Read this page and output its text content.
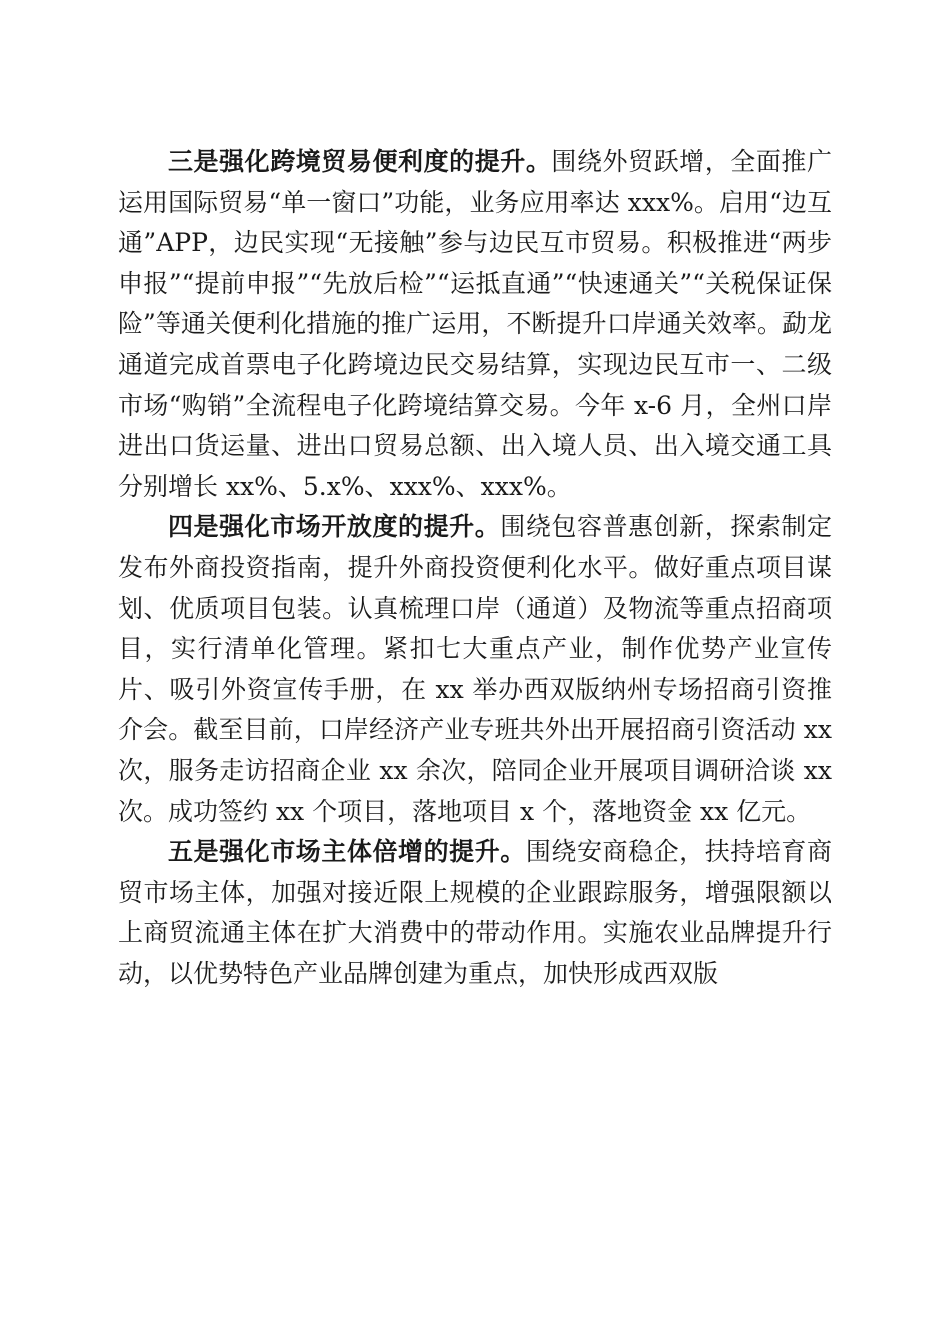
三是强化跨境贸易便利度的提升。围绕外贸跃增，全面推广运用国际贸易“单一窗口”功能，业务应用率达 xxx%。启用“边互通”APP，边民实现“无接触”参与边民互市贸易。积极推进“两步申报”“提前申报”“先放后检”“运抵直通”“快速通关”“关税保证保险”等通关便利化措施的推广运用，不断提升口岸通关效率。勐龙通道完成首票电子化跨境边民交易结算，实现边民互市一、二级市场“购销”全流程电子化跨境结算交易。今年 x-6 月，全州口岸进出口货运量、进出口贸易总额、出入境人员、出入境交通工具分别增长 xx%、5.x%、xxx%、xxx%。

四是强化市场开放度的提升。围绕包容普惠创新，探索制定发布外商投资指南，提升外商投资便利化水平。做好重点项目谋划、优质项目包装。认真梳理口岸（通道）及物流等重点招商项目，实行清单化管理。紧扣七大重点产业，制作优势产业宣传片、吸引外资宣传手册，在 xx 举办西双版纳州专场招商引资推介会。截至目前，口岸经济产业专班共外出开展招商引资活动 xx 次，服务走访招商企业 xx 余次，陪同企业开展项目调研洽谈 xx 次。成功签约 xx 个项目，落地项目 x 个，落地资金 xx 亿元。

五是强化市场主体倍增的提升。围绕安商稳企，扶持培育商贸市场主体，加强对接近限上规模的企业跟踪服务，增强限额以上商贸流通主体在扩大消费中的带动作用。实施农业品牌提升行动，以优势特色产业品牌创建为重点，加快形成西双版
